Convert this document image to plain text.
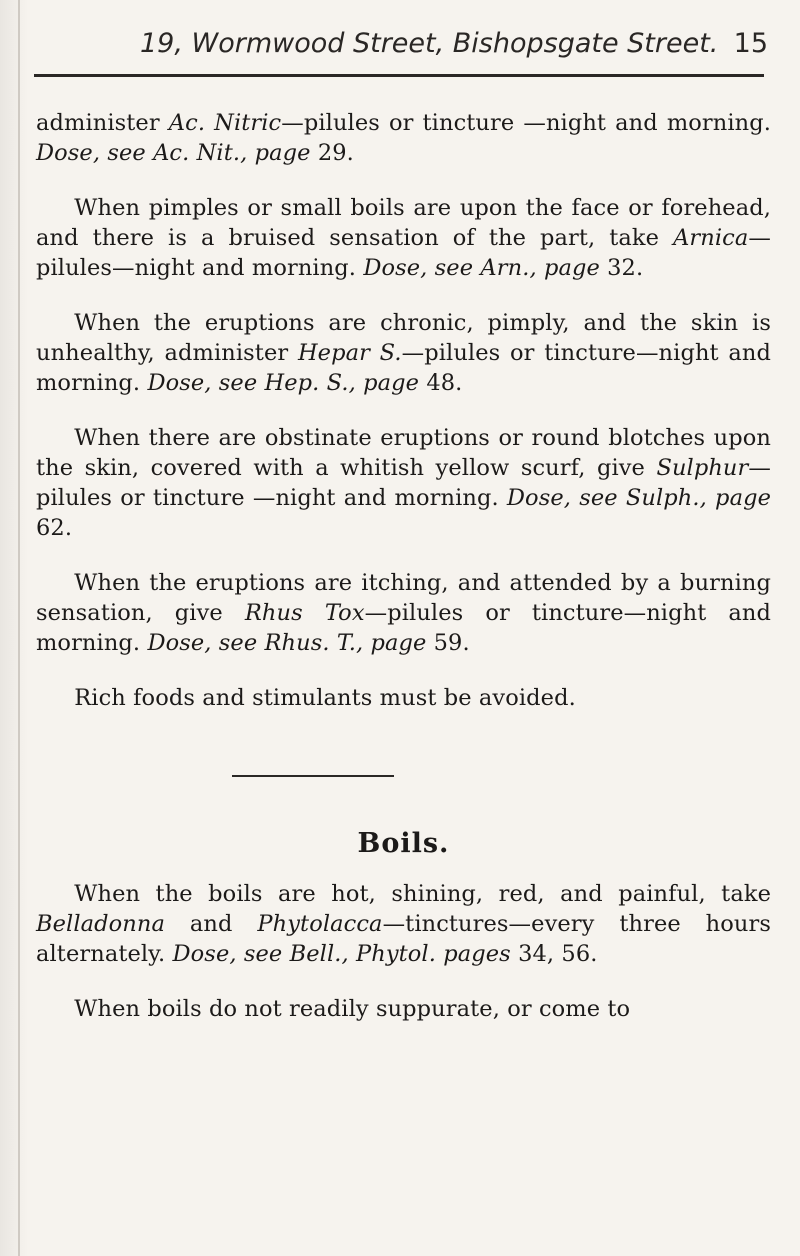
19, Wormwood Street, Bishopsgate Street. 15

administer Ac. Nitric—pilules or tincture —night and morning. Dose, see Ac. Nit., page 29.

When pimples or small boils are upon the face or forehead, and there is a bruised sensation of the part, take Arnica—pilules—night and morning. Dose, see Arn., page 32.

When the eruptions are chronic, pimply, and the skin is unhealthy, administer Hepar S.—pilules or tincture—night and morning. Dose, see Hep. S., page 48.

When there are obstinate eruptions or round blotches upon the skin, covered with a whitish yellow scurf, give Sulphur—pilules or tincture —night and morning. Dose, see Sulph., page 62.

When the eruptions are itching, and attended by a burning sensation, give Rhus Tox—pilules or tincture—night and morning. Dose, see Rhus. T., page 59.

Rich foods and stimulants must be avoided.

Boils.

When the boils are hot, shining, red, and painful, take Belladonna and Phytolacca—tinctures—every three hours alternately. Dose, see Bell., Phytol. pages 34, 56.

When boils do not readily suppurate, or come to
